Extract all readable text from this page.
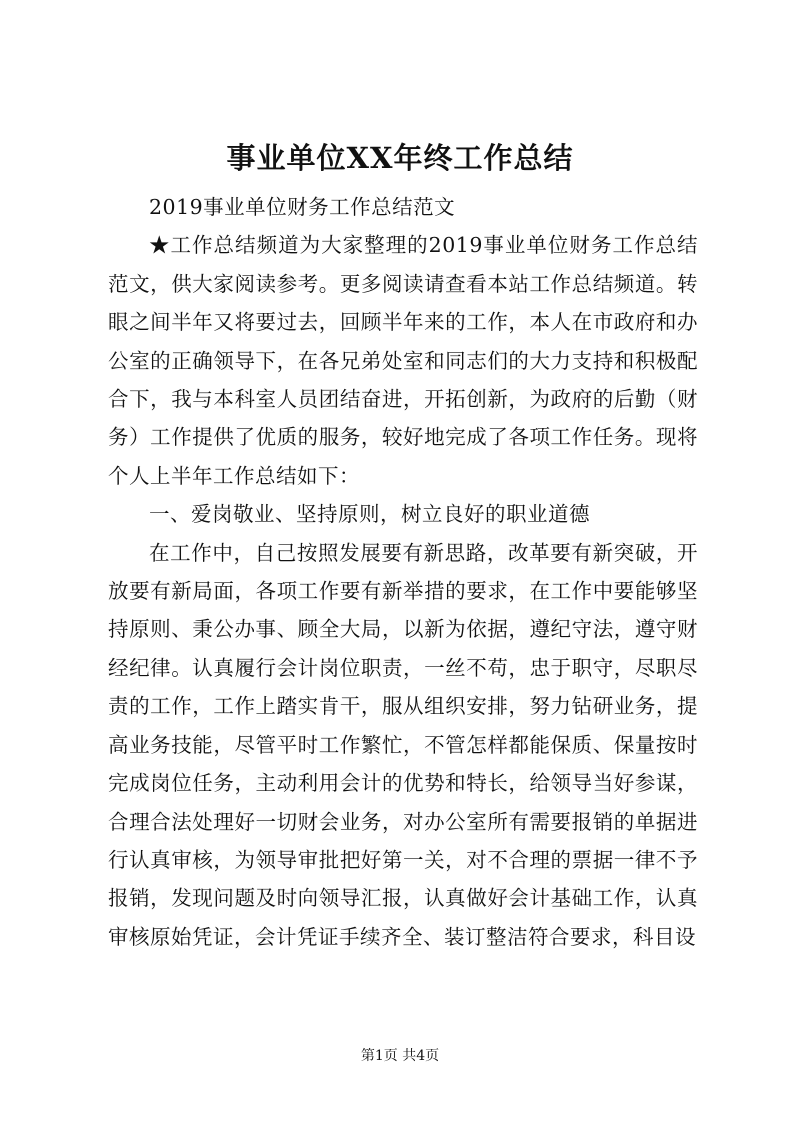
事业单位XX年终工作总结

2019事业单位财务工作总结范文

★工作总结频道为大家整理的2019事业单位财务工作总结范文，供大家阅读参考。更多阅读请查看本站工作总结频道。转眼之间半年又将要过去，回顾半年来的工作，本人在市政府和办公室的正确领导下，在各兄弟处室和同志们的大力支持和积极配合下，我与本科室人员团结奋进，开拓创新，为政府的后勤（财务）工作提供了优质的服务，较好地完成了各项工作任务。现将个人上半年工作总结如下：

一、爱岗敬业、坚持原则，树立良好的职业道德

在工作中，自己按照发展要有新思路，改革要有新突破，开放要有新局面，各项工作要有新举措的要求，在工作中要能够坚持原则、秉公办事、顾全大局，以新为依据，遵纪守法，遵守财经纪律。认真履行会计岗位职责，一丝不苟，忠于职守，尽职尽责的工作，工作上踏实肯干，服从组织安排，努力钻研业务，提高业务技能，尽管平时工作繁忙，不管怎样都能保质、保量按时完成岗位任务，主动利用会计的优势和特长，给领导当好参谋，合理合法处理好一切财会业务，对办公室所有需要报销的单据进行认真审核，为领导审批把好第一关，对不合理的票据一律不予报销，发现问题及时向领导汇报，认真做好会计基础工作，认真审核原始凭证，会计凭证手续齐全、装订整洁符合要求，科目设

第1页 共4页
